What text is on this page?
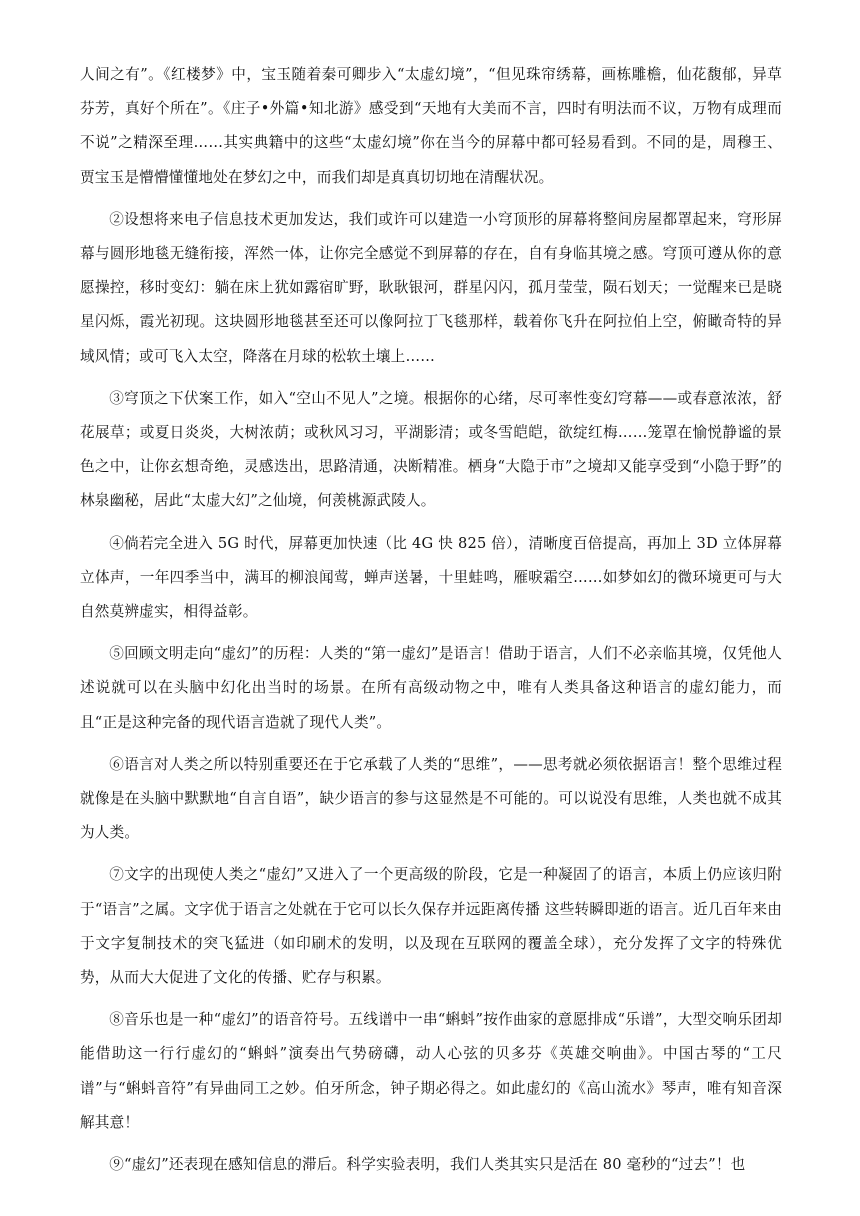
人间之有”。《红楼梦》中，宝玉随着秦可卿步入“太虚幻境”，“但见珠帘绣幕，画栋雕檐，仙花馥郁，异草芬芳，真好个所在”。《庄子•外篇•知北游》感受到“天地有大美而不言，四时有明法而不议，万物有成理而不说”之精深至理……其实典籍中的这些“太虚幻境”你在当今的屏幕中都可轻易看到。不同的是，周穆王、贾宝玉是懵懵懂懂地处在梦幻之中，而我们却是真真切切地在清醒状况。

②设想将来电子信息技术更加发达，我们或许可以建造一小穹顶形的屏幕将整间房屋都罩起来，穹形屏幕与圆形地毯无缝衔接，浑然一体，让你完全感觉不到屏幕的存在，自有身临其境之感。穹顶可遵从你的意愿操控，移时变幻：躺在床上犹如露宿旷野，耿耿银河，群星闪闪，孤月莹莹，陨石划天；一觉醒来已是晓星闪烁，霞光初现。这块圆形地毯甚至还可以像阿拉丁飞毯那样，载着你飞升在阿拉伯上空，俯瞰奇特的异域风情；或可飞入太空，降落在月球的松软土壤上……

③穹顶之下伏案工作，如入“空山不见人”之境。根据你的心绪，尽可率性变幻穹幕——或春意浓浓，舒花展草；或夏日炎炎，大树浓荫；或秋风习习，平湖影清；或冬雪皑皑，欲绽红梅……笼罩在愉悦静谧的景色之中，让你玄想奇绝，灵感迭出，思路清通，决断精准。栖身“大隐于市”之境却又能享受到“小隐于野”的林泉幽秘，居此“太虚大幻”之仙境，何羡桃源武陵人。

④倘若完全进入 5G 时代，屏幕更加快速（比 4G 快 825 倍），清晰度百倍提高，再加上 3D 立体屏幕立体声，一年四季当中，满耳的柳浪闻莺，蝉声送暑，十里蛙鸣，雁唳霜空……如梦如幻的微环境更可与大自然莫辨虚实，相得益彰。

⑤回顾文明走向“虚幻”的历程：人类的“第一虚幻”是语言！借助于语言，人们不必亲临其境，仅凭他人述说就可以在头脑中幻化出当时的场景。在所有高级动物之中，唯有人类具备这种语言的虚幻能力，而且“正是这种完备的现代语言造就了现代人类”。

⑥语言对人类之所以特别重要还在于它承载了人类的“思维”，——思考就必须依据语言！整个思维过程就像是在头脑中默默地“自言自语”，缺少语言的参与这显然是不可能的。可以说没有思维，人类也就不成其为人类。

⑦文字的出现使人类之“虚幻”又进入了一个更高级的阶段，它是一种凝固了的语言，本质上仍应该归附于“语言”之属。文字优于语言之处就在于它可以长久保存并远距离传播 这些转瞬即逝的语言。近几百年来由于文字复制技术的突飞猛进（如印刷术的发明，以及现在互联网的覆盖全球），充分发挥了文字的特殊优势，从而大大促进了文化的传播、贮存与积累。

⑧音乐也是一种“虚幻”的语音符号。五线谱中一串“蝌蚪”按作曲家的意愿排成“乐谱”，大型交响乐团却能借助这一行行虚幻的“蝌蚪”演奏出气势磅礴，动人心弦的贝多芬《英雄交响曲》。中国古琴的“工尺谱”与“蝌蚪音符”有异曲同工之妙。伯牙所念，钟子期必得之。如此虚幻的《高山流水》琴声，唯有知音深解其意！

⑨“虚幻”还表现在感知信息的滞后。科学实验表明，我们人类其实只是活在 80 毫秒的“过去”！也
